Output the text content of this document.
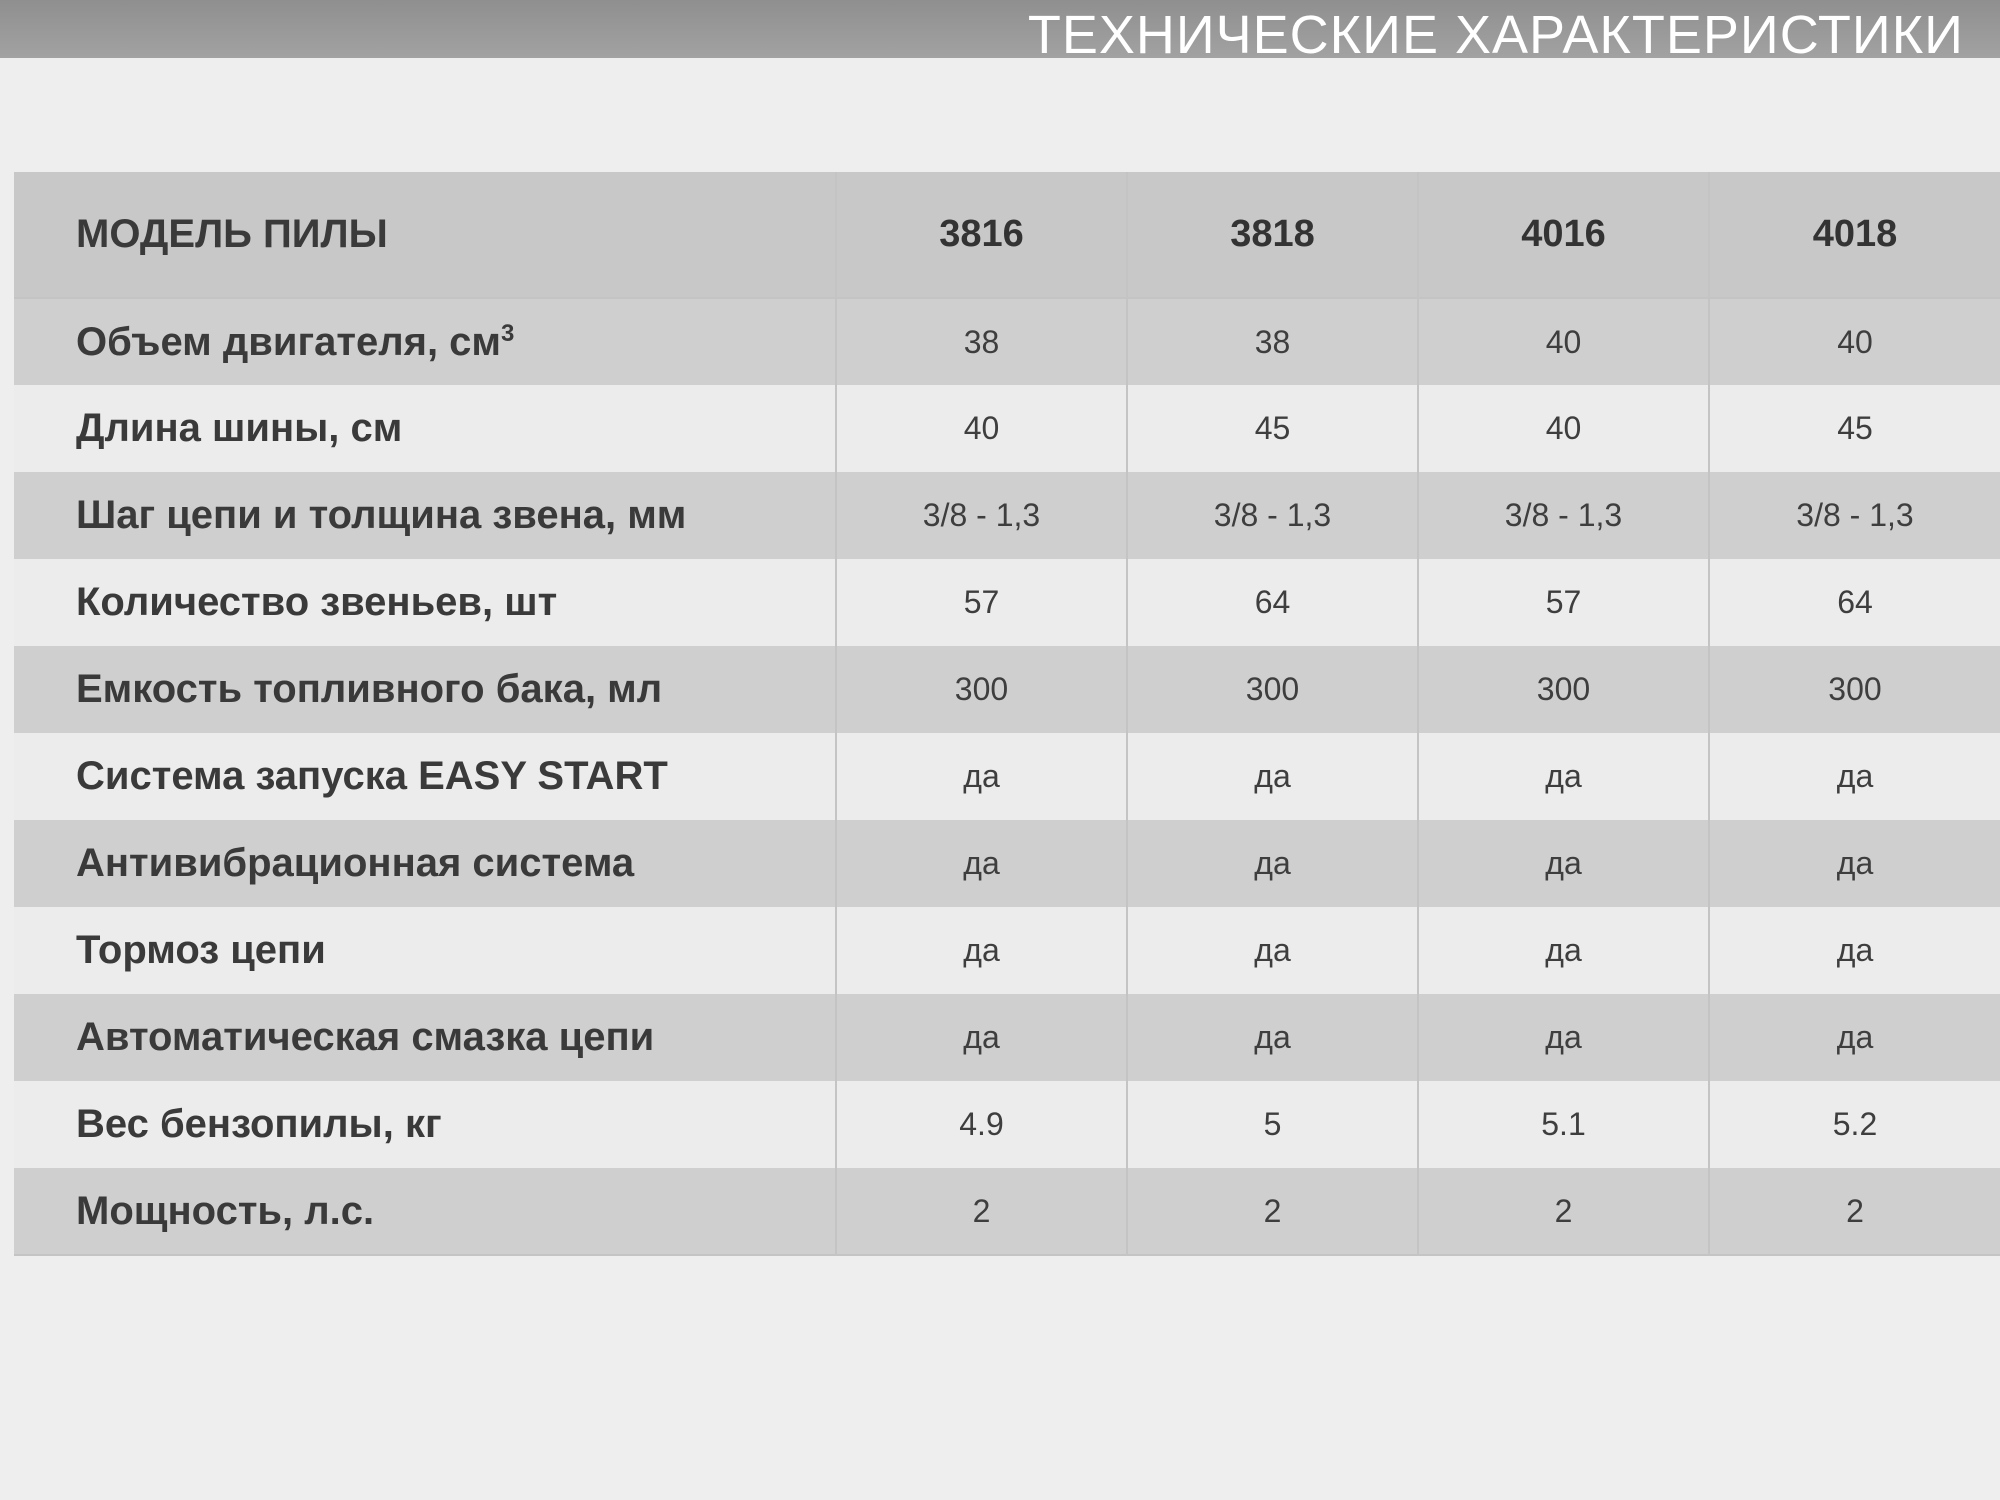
ТЕХНИЧЕСКИЕ ХАРАКТЕРИСТИКИ
МОДЕЛЬ ПИЛЫ	3816	3818	4016	4018
Объем двигателя, $см^3$	38	38	40	40
Длина шины, см	40	45	40	45
Шаг цепи и толщина звена, мм	3/8 - 1,3	3/8 - 1,3	3/8 - 1,3	3/8 - 1,3
Количество звеньев, шт	57	64	57	64
Емкость топливного бака, мл	300	300	300	300
Система запуска EASY START	да	да	да	да
Антивибрационная система	да	да	да	да
Тормоз цепи	да	да	да	да
Автоматическая смазка цепи	да	да	да	да
Вес бензопилы, кг	4.9	5	5.1	5.2
Мощность, л.с.	2	2	2	2
